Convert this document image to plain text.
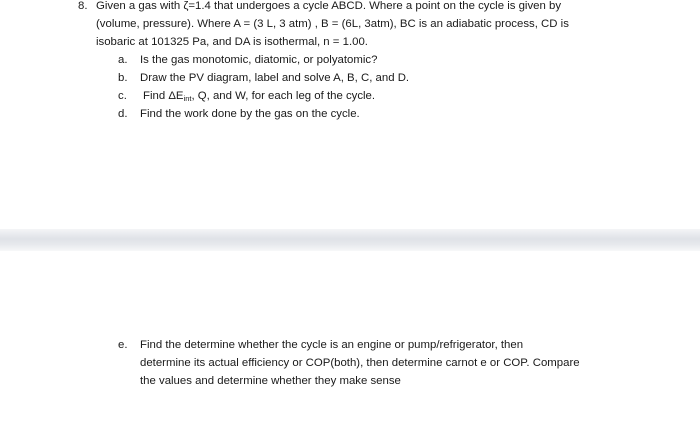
8. Given a gas with ζ=1.4 that undergoes a cycle ABCD. Where a point on the cycle is given by
(volume, pressure). Where A = (3 L, 3 atm) , B = (6L, 3atm), BC is an adiabatic process, CD is
isobaric at 101325 Pa, and DA is isothermal, n = 1.00.
a. Is the gas monotomic, diatomic, or polyatomic?
b. Draw the PV diagram, label and solve A, B, C, and D.
c. Find $\Delta E_{int}$, Q, and W, for each leg of the cycle.
d. Find the work done by the gas on the cycle.
e. Find the determine whether the cycle is an engine or pump/refrigerator, then
determine its actual efficiency or COP(both), then determine carnot e or COP. Compare
the values and determine whether they make sense
